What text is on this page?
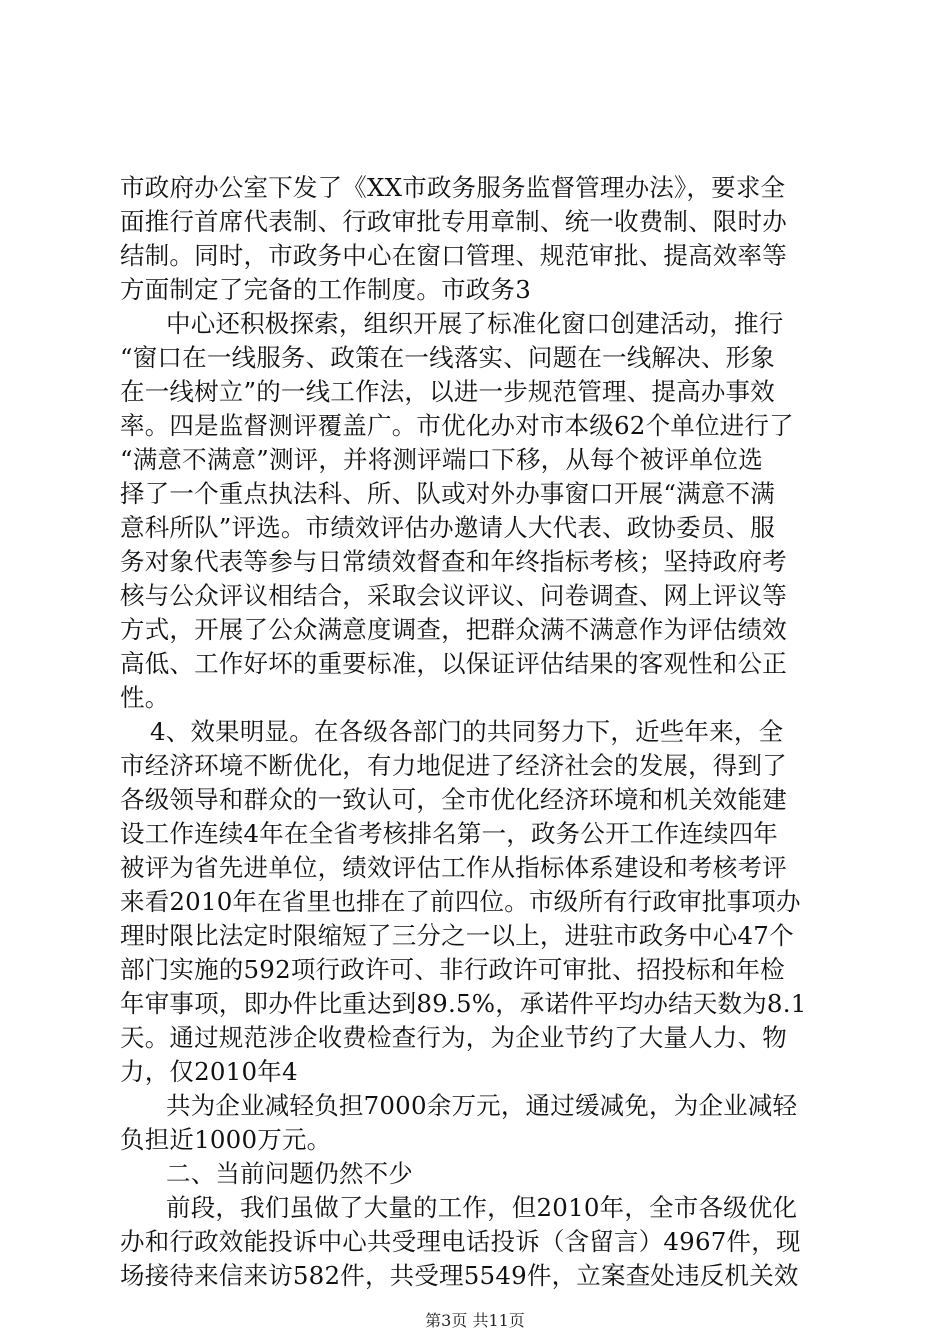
市政府办公室下发了《XX市政务服务监督管理办法》，要求全
面推行首席代表制、行政审批专用章制、统一收费制、限时办
结制。同时，市政务中心在窗口管理、规范审批、提高效率等
方面制定了完备的工作制度。市政务3
中心还积极探索，组织开展了标准化窗口创建活动，推行
“窗口在一线服务、政策在一线落实、问题在一线解决、形象
在一线树立”的一线工作法，以进一步规范管理、提高办事效
率。四是监督测评覆盖广。市优化办对市本级62个单位进行了
“满意不满意”测评，并将测评端口下移，从每个被评单位选
择了一个重点执法科、所、队或对外办事窗口开展“满意不满
意科所队”评选。市绩效评估办邀请人大代表、政协委员、服
务对象代表等参与日常绩效督查和年终指标考核；坚持政府考
核与公众评议相结合，采取会议评议、问卷调查、网上评议等
方式，开展了公众满意度调查，把群众满不满意作为评估绩效
高低、工作好坏的重要标准，以保证评估结果的客观性和公正
性。
4、效果明显。在各级各部门的共同努力下，近些年来，全
市经济环境不断优化，有力地促进了经济社会的发展，得到了
各级领导和群众的一致认可，全市优化经济环境和机关效能建
设工作连续4年在全省考核排名第一，政务公开工作连续四年
被评为省先进单位，绩效评估工作从指标体系建设和考核考评
来看2010年在省里也排在了前四位。市级所有行政审批事项办
理时限比法定时限缩短了三分之一以上，进驻市政务中心47个
部门实施的592项行政许可、非行政许可审批、招投标和年检
年审事项，即办件比重达到89.5%，承诺件平均办结天数为8.1
天。通过规范涉企收费检查行为，为企业节约了大量人力、物
力，仅2010年4
共为企业减轻负担7000余万元，通过缓减免，为企业减轻
负担近1000万元。
二、当前问题仍然不少
前段，我们虽做了大量的工作，但2010年，全市各级优化
办和行政效能投诉中心共受理电话投诉（含留言）4967件，现
场接待来信来访582件，共受理5549件，立案查处违反机关效
第3页 共11页
